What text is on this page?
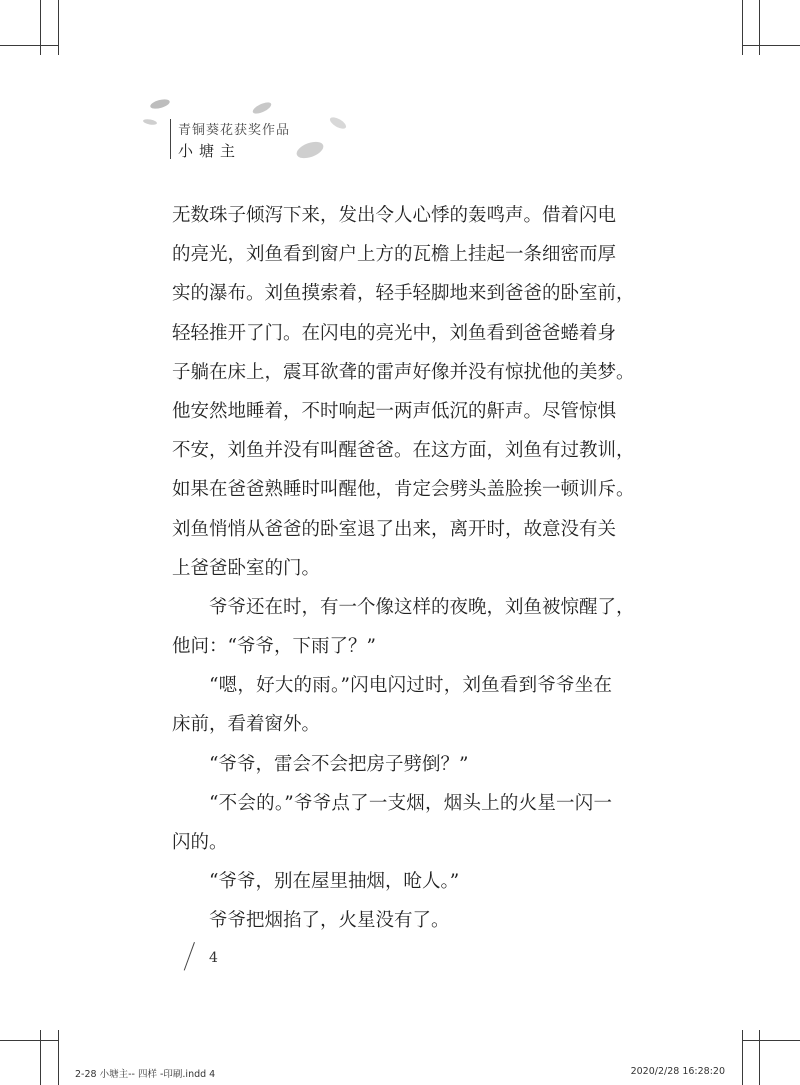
青铜葵花获奖作品
小塘主
无数珠子倾泻下来，发出令人心悸的轰鸣声。借着闪电
的亮光，刘鱼看到窗户上方的瓦檐上挂起一条细密而厚
实的瀑布。刘鱼摸索着，轻手轻脚地来到爸爸的卧室前，
轻轻推开了门。在闪电的亮光中，刘鱼看到爸爸蜷着身
子躺在床上，震耳欲聋的雷声好像并没有惊扰他的美梦。
他安然地睡着，不时响起一两声低沉的鼾声。尽管惊惧
不安，刘鱼并没有叫醒爸爸。在这方面，刘鱼有过教训，
如果在爸爸熟睡时叫醒他，肯定会劈头盖脸挨一顿训斥。
刘鱼悄悄从爸爸的卧室退了出来，离开时，故意没有关
上爸爸卧室的门。
爷爷还在时，有一个像这样的夜晚，刘鱼被惊醒了，
他问：“爷爷，下雨了？”
“嗯，好大的雨。”闪电闪过时，刘鱼看到爷爷坐在
床前，看着窗外。
“爷爷，雷会不会把房子劈倒？”
“不会的。”爷爷点了一支烟，烟头上的火星一闪一
闪的。
“爷爷，别在屋里抽烟，呛人。”
爷爷把烟掐了，火星没有了。
4
2-28 小塘主-- 四样 -印刷.indd 4	2020/2/28 16:28:20
